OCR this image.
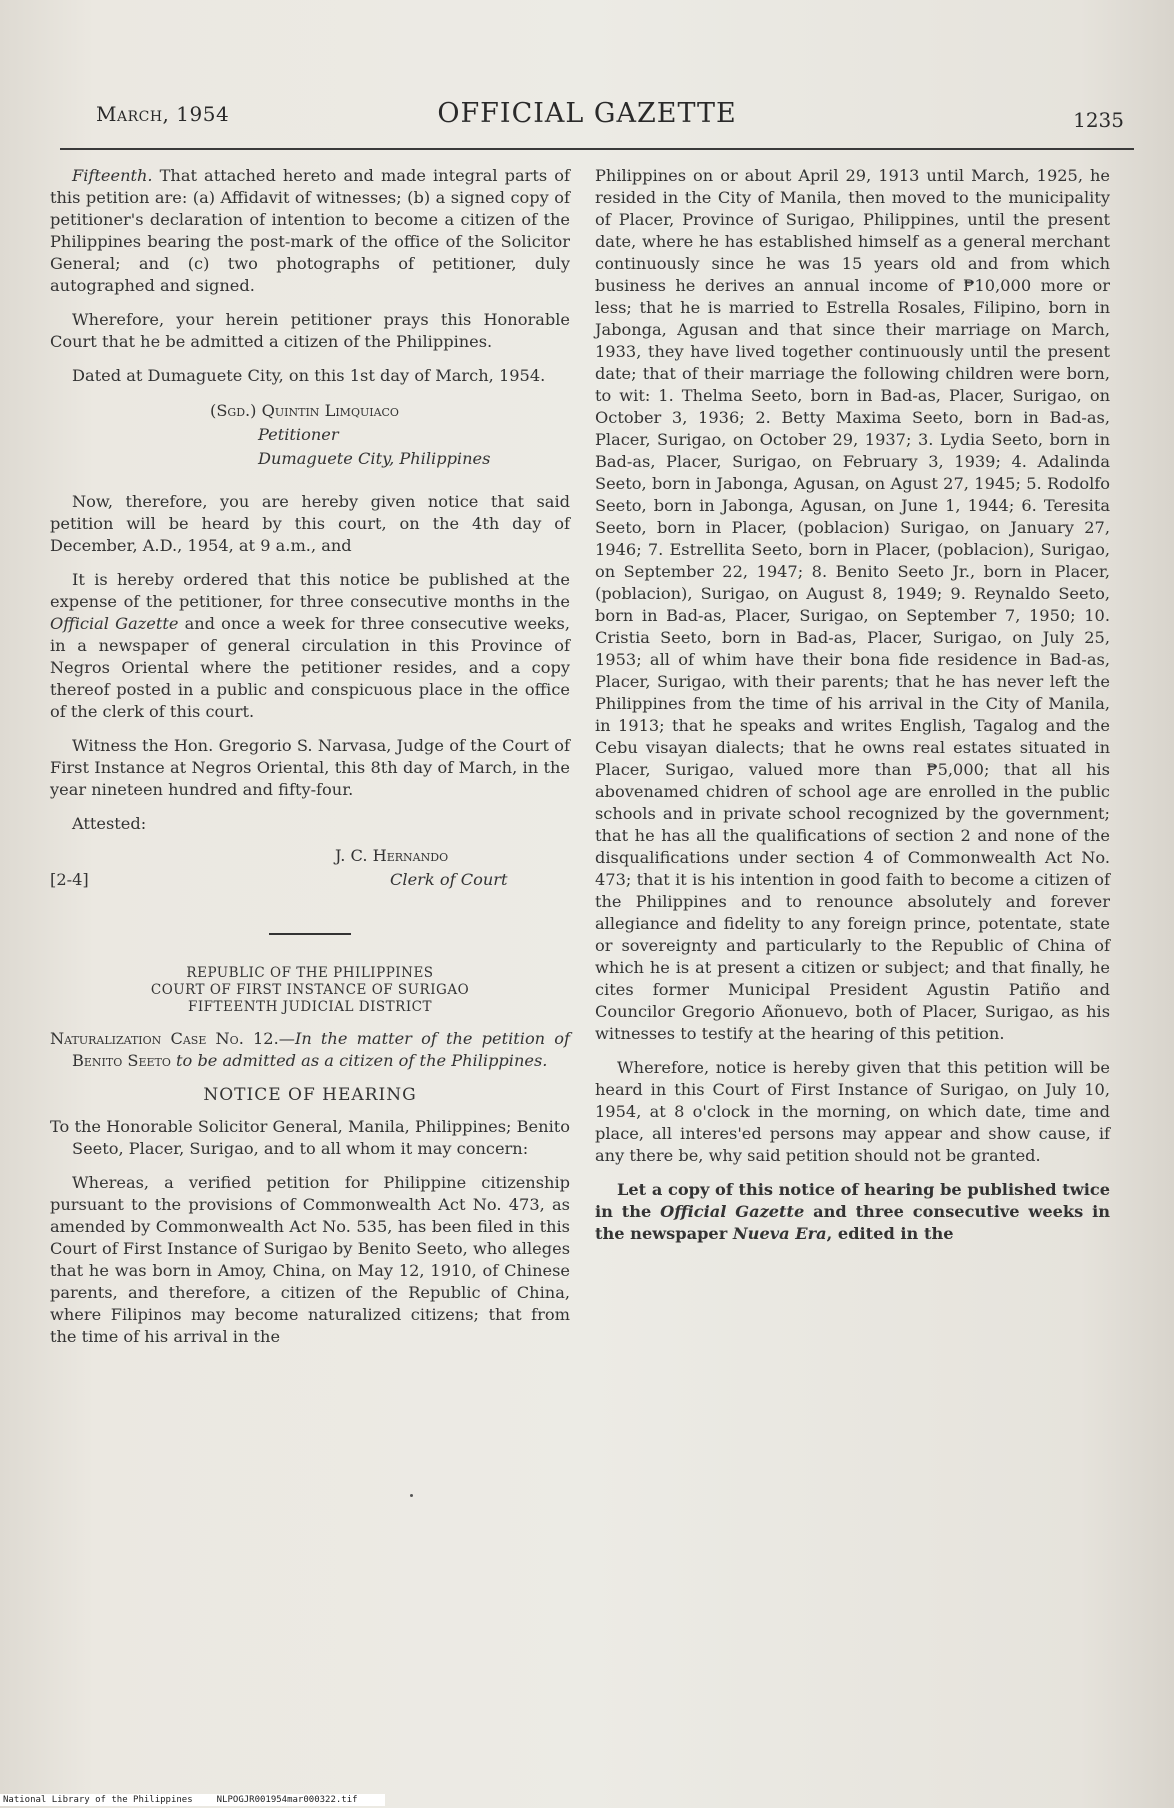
March, 1954	OFFICIAL GAZETTE	1235

Fifteenth. That attached hereto and made integral parts of this petition are: (a) Affidavit of witnesses; (b) a signed copy of petitioner's declaration of intention to become a citizen of the Philippines bearing the post-mark of the office of the Solicitor General; and (c) two photographs of petitioner, duly autographed and signed.

Wherefore, your herein petitioner prays this Honorable Court that he be admitted a citizen of the Philippines.

Dated at Dumaguete City, on this 1st day of March, 1954.

(Sgd.) Quintin Limquiaco
Petitioner
Dumaguete City, Philippines

Now, therefore, you are hereby given notice that said petition will be heard by this court, on the 4th day of December, A.D., 1954, at 9 a.m., and

It is hereby ordered that this notice be published at the expense of the petitioner, for three consecutive months in the Official Gazette and once a week for three consecutive weeks, in a newspaper of general circulation in this Province of Negros Oriental where the petitioner resides, and a copy thereof posted in a public and conspicuous place in the office of the clerk of this court.

Witness the Hon. Gregorio S. Narvasa, Judge of the Court of First Instance at Negros Oriental, this 8th day of March, in the year nineteen hundred and fifty-four.

Attested:
J. C. Hernando
Clerk of Court
[2-4]
REPUBLIC OF THE PHILIPPINES
COURT OF FIRST INSTANCE OF SURIGAO
FIFTEENTH JUDICIAL DISTRICT

Naturalization Case No. 12.—In the matter of the petition of Benito Seeto to be admitted as a citizen of the Philippines.

NOTICE OF HEARING

To the Honorable Solicitor General, Manila, Philippines; Benito Seeto, Placer, Surigao, and to all whom it may concern:

Whereas, a verified petition for Philippine citizenship pursuant to the provisions of Commonwealth Act No. 473, as amended by Commonwealth Act No. 535, has been filed in this Court of First Instance of Surigao by Benito Seeto, who alleges that he was born in Amoy, China, on May 12, 1910, of Chinese parents, and therefore, a citizen of the Republic of China, where Filipinos may become naturalized citizens; that from the time of his arrival in the

Philippines on or about April 29, 1913 until March, 1925, he resided in the City of Manila, then moved to the municipality of Placer, Province of Surigao, Philippines, until the present date, where he has established himself as a general merchant continuously since he was 15 years old and from which business he derives an annual income of ₱10,000 more or less; that he is married to Estrella Rosales, Filipino, born in Jabonga, Agusan and that since their marriage on March, 1933, they have lived together continuously until the present date; that of their marriage the following children were born, to wit: 1. Thelma Seeto, born in Bad-as, Placer, Surigao, on October 3, 1936; 2. Betty Maxima Seeto, born in Bad-as, Placer, Surigao, on October 29, 1937; 3. Lydia Seeto, born in Bad-as, Placer, Surigao, on February 3, 1939; 4. Adalinda Seeto, born in Jabonga, Agusan, on Agust 27, 1945; 5. Rodolfo Seeto, born in Jabonga, Agusan, on June 1, 1944; 6. Teresita Seeto, born in Placer, (poblacion) Surigao, on January 27, 1946; 7. Estrellita Seeto, born in Placer, (poblacion), Surigao, on September 22, 1947; 8. Benito Seeto Jr., born in Placer, (poblacion), Surigao, on August 8, 1949; 9. Reynaldo Seeto, born in Bad-as, Placer, Surigao, on September 7, 1950; 10. Cristia Seeto, born in Bad-as, Placer, Surigao, on July 25, 1953; all of whim have their bona fide residence in Bad-as, Placer, Surigao, with their parents; that he has never left the Philippines from the time of his arrival in the City of Manila, in 1913; that he speaks and writes English, Tagalog and the Cebu visayan dialects; that he owns real estates situated in Placer, Surigao, valued more than ₱5,000; that all his abovenamed chidren of school age are enrolled in the public schools and in private school recognized by the government; that he has all the qualifications of section 2 and none of the disqualifications under section 4 of Commonwealth Act No. 473; that it is his intention in good faith to become a citizen of the Philippines and to renounce absolutely and forever allegiance and fidelity to any foreign prince, potentate, state or sovereignty and particularly to the Republic of China of which he is at present a citizen or subject; and that finally, he cites former Municipal President Agustin Patiño and Councilor Gregorio Añonuevo, both of Placer, Surigao, as his witnesses to testify at the hearing of this petition.

Wherefore, notice is hereby given that this petition will be heard in this Court of First Instance of Surigao, on July 10, 1954, at 8 o'clock in the morning, on which date, time and place, all interes'ed persons may appear and show cause, if any there be, why said petition should not be granted.

Let a copy of this notice of hearing be published twice in the Official Gazette and three consecutive weeks in the newspaper Nueva Era, edited in the

National Library of the Philippines	NLPOGJR001954mar000322.tif
